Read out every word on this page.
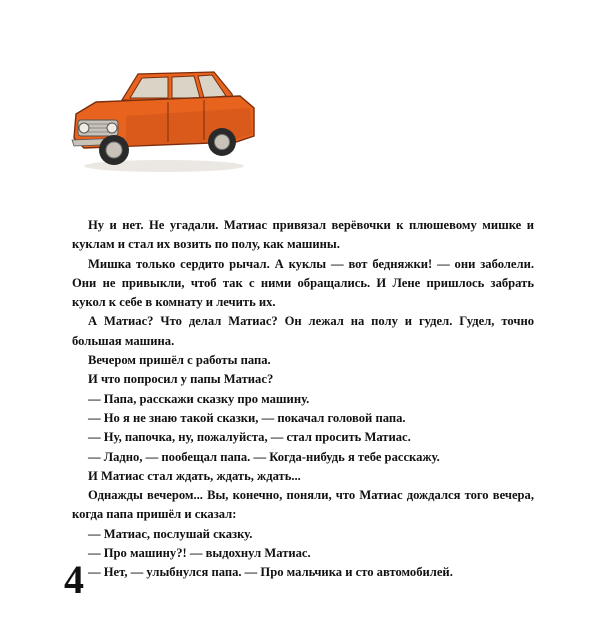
Ну и нет. Не угадали. Матиас привязал верёвочки к плюшевому мишке и куклам и стал их возить по полу, как машины.

Мишка только сердито рычал. А куклы — вот бедняжки! — они заболели. Они не привыкли, чтоб так с ними обращались. И Лене пришлось забрать кукол к себе в комнату и лечить их.

А Матиас? Что делал Матиас? Он лежал на полу и гудел. Гудел, точно большая машина.

Вечером пришёл с работы папа.

И что попросил у папы Матиас?

— Папа, расскажи сказку про машину.

— Но я не знаю такой сказки, — покачал головой папа.

— Ну, папочка, ну, пожалуйста, — стал просить Матиас.

— Ладно, — пообещал папа. — Когда-нибудь я тебе расскажу.

И Матиас стал ждать, ждать, ждать...

Однажды вечером... Вы, конечно, поняли, что Матиас дождался того вечера, когда папа пришёл и сказал:

— Матиас, послушай сказку.

— Про машину?! — выдохнул Матиас.

— Нет, — улыбнулся папа. — Про мальчика и сто автомобилей.

4
